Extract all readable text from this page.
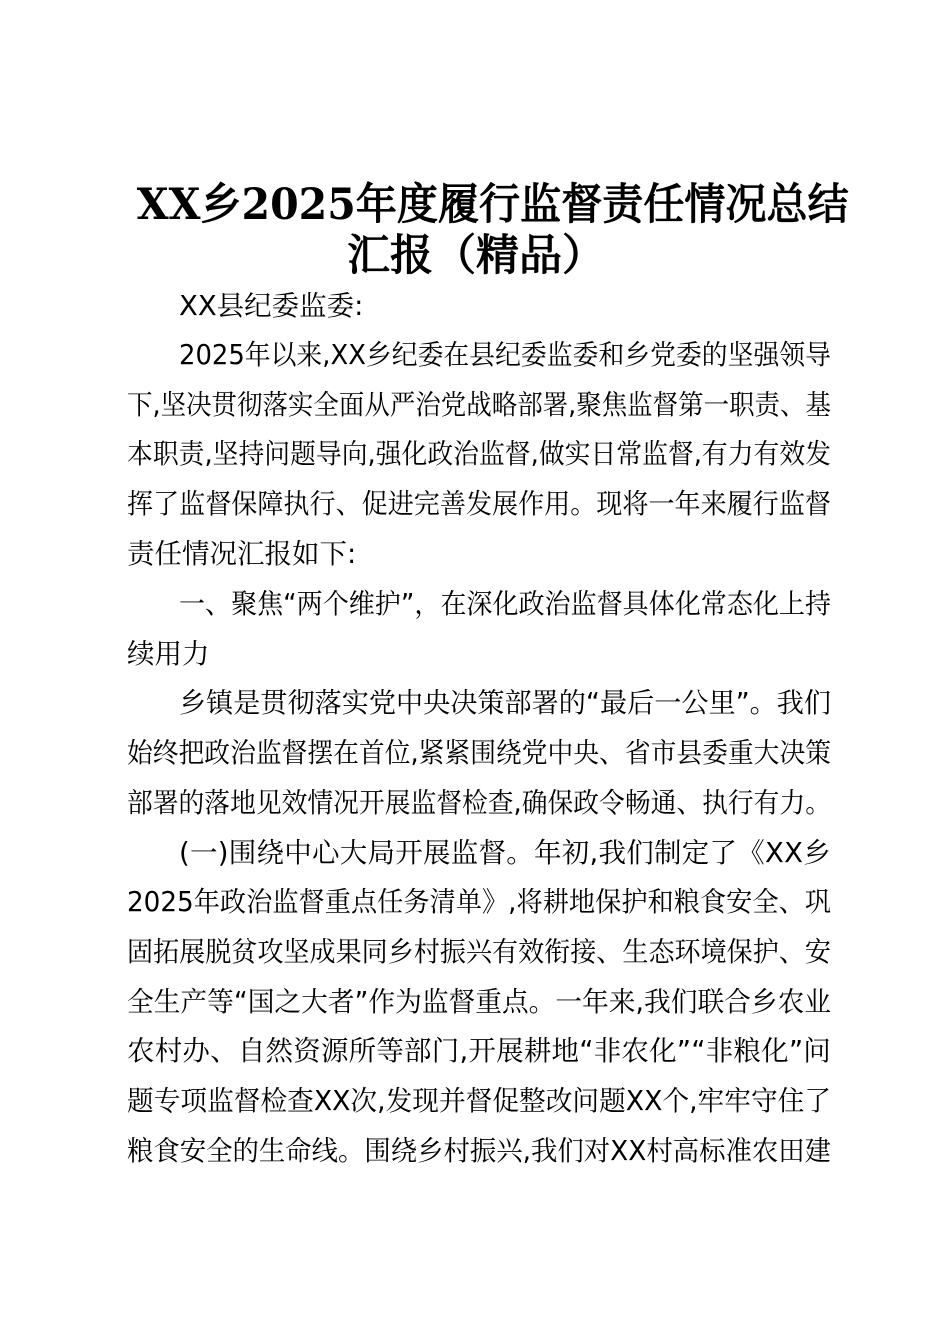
XX乡2025年度履行监督责任情况总结
汇报（精品）
XX县纪委监委:
2025年以来,XX乡纪委在县纪委监委和乡党委的坚强领导
下,坚决贯彻落实全面从严治党战略部署,聚焦监督第一职责、基
本职责,坚持问题导向,强化政治监督,做实日常监督,有力有效发
挥了监督保障执行、促进完善发展作用。现将一年来履行监督
责任情况汇报如下:
一、聚焦“两个维护”，在深化政治监督具体化常态化上持
续用力
乡镇是贯彻落实党中央决策部署的“最后一公里”。我们
始终把政治监督摆在首位,紧紧围绕党中央、省市县委重大决策
部署的落地见效情况开展监督检查,确保政令畅通、执行有力。
(一)围绕中心大局开展监督。年初,我们制定了《XX乡
2025年政治监督重点任务清单》,将耕地保护和粮食安全、巩
固拓展脱贫攻坚成果同乡村振兴有效衔接、生态环境保护、安
全生产等“国之大者”作为监督重点。一年来,我们联合乡农业
农村办、自然资源所等部门,开展耕地“非农化”“非粮化”问
题专项监督检查XX次,发现并督促整改问题XX个,牢牢守住了
粮食安全的生命线。围绕乡村振兴,我们对XX村高标准农田建
